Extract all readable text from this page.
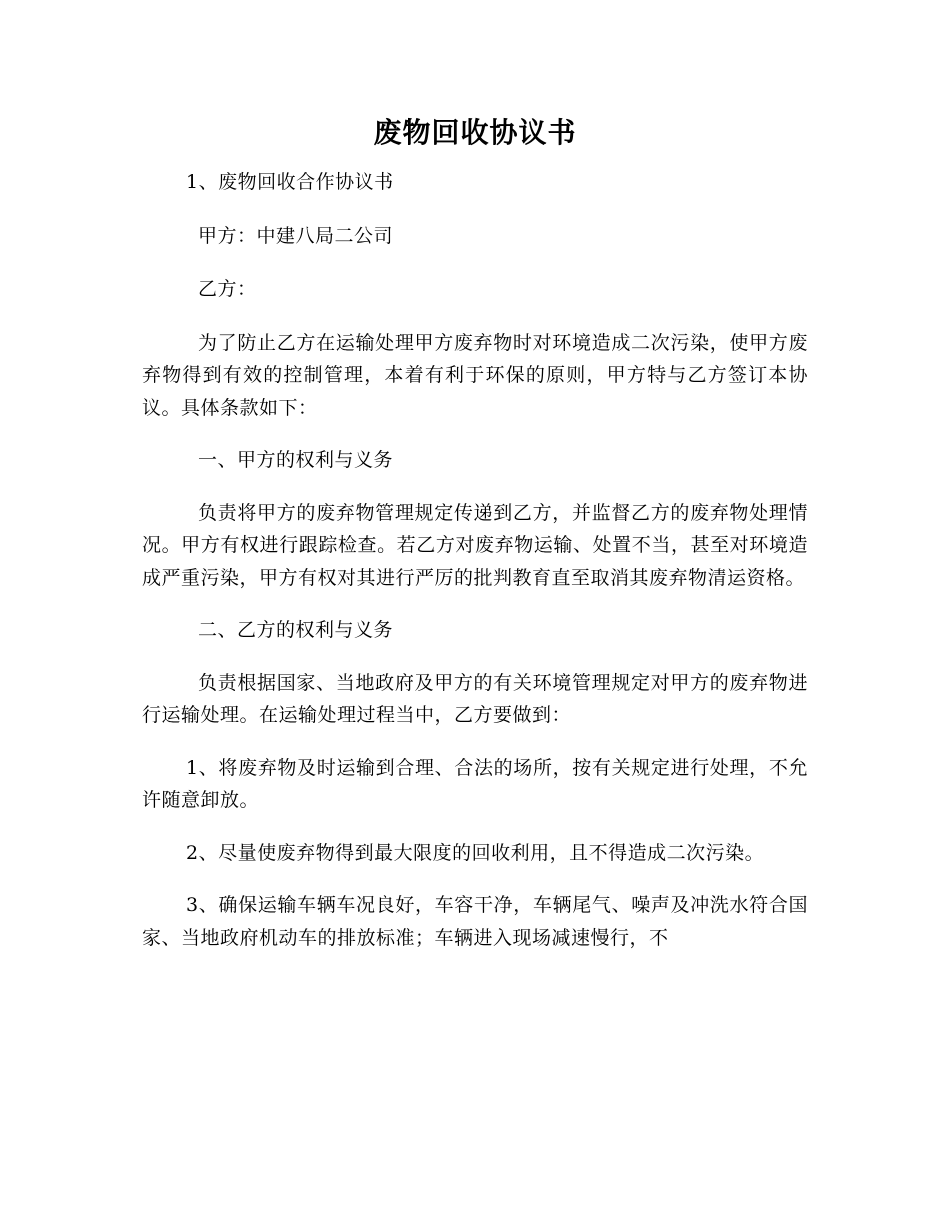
废物回收协议书

1、废物回收合作协议书

甲方：中建八局二公司

乙方：

为了防止乙方在运输处理甲方废弃物时对环境造成二次污染，使甲方废弃物得到有效的控制管理，本着有利于环保的原则，甲方特与乙方签订本协议。具体条款如下：

一、甲方的权利与义务

负责将甲方的废弃物管理规定传递到乙方，并监督乙方的废弃物处理情况。甲方有权进行跟踪检查。若乙方对废弃物运输、处置不当，甚至对环境造成严重污染，甲方有权对其进行严厉的批判教育直至取消其废弃物清运资格。

二、乙方的权利与义务

负责根据国家、当地政府及甲方的有关环境管理规定对甲方的废弃物进行运输处理。在运输处理过程当中，乙方要做到：

1、将废弃物及时运输到合理、合法的场所，按有关规定进行处理，不允许随意卸放。

2、尽量使废弃物得到最大限度的回收利用，且不得造成二次污染。

3、确保运输车辆车况良好，车容干净，车辆尾气、噪声及冲洗水符合国家、当地政府机动车的排放标准；车辆进入现场减速慢行，不
